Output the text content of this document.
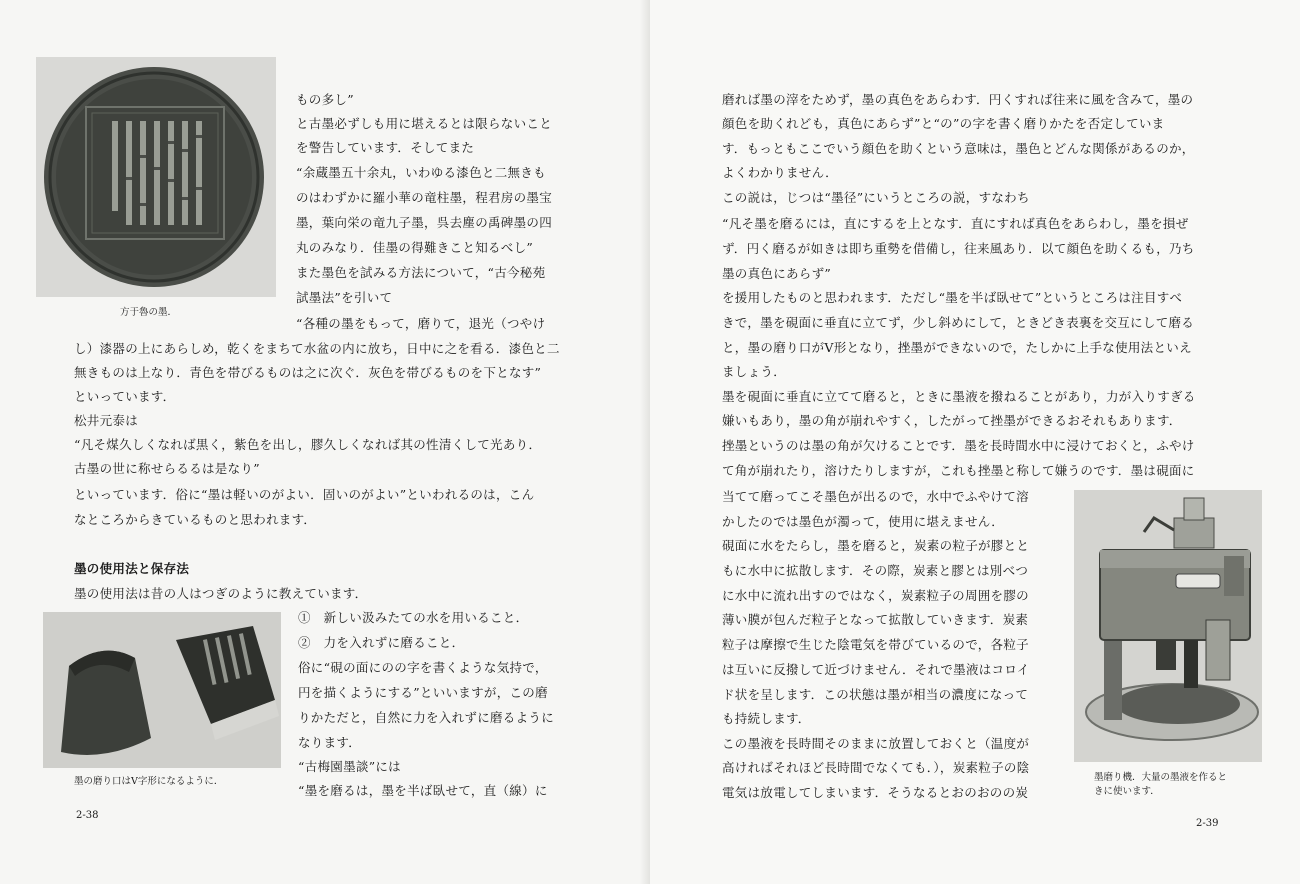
方于魯の墨．
もの多し”
と古墨必ずしも用に堪えるとは限らないこと
を警告しています．そしてまた
“余蔵墨五十余丸，いわゆる漆色と二無きも
のはわずかに羅小華の竜柱墨，程君房の墨宝
墨，葉向栄の竜九子墨，呉去塵の禹碑墨の四
丸のみなり．佳墨の得難きこと知るべし”
また墨色を試みる方法について，“古今秘苑
試墨法”を引いて
“各種の墨をもって，磨りて，退光（つやけ
し）漆器の上にあらしめ，乾くをまちて水盆の内に放ち，日中に之を看る．漆色と二
無きものは上なり．青色を帯びるものは之に次ぐ．灰色を帯びるものを下となす”
といっています．
松井元泰は
“凡そ煤久しくなれば黒く，紫色を出し，膠久しくなれば其の性清くして光あり．
古墨の世に称せらるるは是なり”
といっています．俗に“墨は軽いのがよい．固いのがよい”といわれるのは，こん
なところからきているものと思われます．
墨の使用法と保存法
墨の使用法は昔の人はつぎのように教えています．
墨の磨り口はV字形になるように．
①　新しい汲みたての水を用いること．
②　力を入れずに磨ること．
俗に“硯の面にのの字を書くような気持で，
円を描くようにする”といいますが，この磨
りかただと，自然に力を入れずに磨るように
なります．
“古梅園墨談”には
“墨を磨るは，墨を半ば臥せて，直（線）に
2-38
磨れば墨の滓をためず，墨の真色をあらわす．円くすれば往来に風を含みて，墨の
顔色を助くれども，真色にあらず”と“の”の字を書く磨りかたを否定していま
す．もっともここでいう顔色を助くという意味は，墨色とどんな関係があるのか，
よくわかりません．
この説は，じつは“墨径”にいうところの説，すなわち
“凡そ墨を磨るには，直にするを上となす．直にすれば真色をあらわし，墨を損ぜ
ず．円く磨るが如きは即ち重勢を借備し，往来風あり．以て顔色を助くるも，乃ち
墨の真色にあらず”
を援用したものと思われます．ただし“墨を半ば臥せて”というところは注目すべ
きで，墨を硯面に垂直に立てず，少し斜めにして，ときどき表裏を交互にして磨る
と，墨の磨り口がV形となり，挫墨ができないので，たしかに上手な使用法といえ
ましょう．
墨を硯面に垂直に立てて磨ると，ときに墨液を撥ねることがあり，力が入りすぎる
嫌いもあり，墨の角が崩れやすく，したがって挫墨ができるおそれもあります．
挫墨というのは墨の角が欠けることです．墨を長時間水中に浸けておくと，ふやけ
て角が崩れたり，溶けたりしますが，これも挫墨と称して嫌うのです．墨は硯面に
当てて磨ってこそ墨色が出るので，水中でふやけて溶
かしたのでは墨色が濁って，使用に堪えません．
硯面に水をたらし，墨を磨ると，炭素の粒子が膠とと
もに水中に拡散します．その際，炭素と膠とは別べつ
に水中に流れ出すのではなく，炭素粒子の周囲を膠の
薄い膜が包んだ粒子となって拡散していきます．炭素
粒子は摩擦で生じた陰電気を帯びているので，各粒子
は互いに反撥して近づけません．それで墨液はコロイ
ド状を呈します．この状態は墨が相当の濃度になって
も持続します．
この墨液を長時間そのままに放置しておくと（温度が
高ければそれほど長時間でなくても．），炭素粒子の陰
電気は放電してしまいます．そうなるとおのおのの炭
墨磨り機．大量の墨液を作ると
きに使います．
2-39
